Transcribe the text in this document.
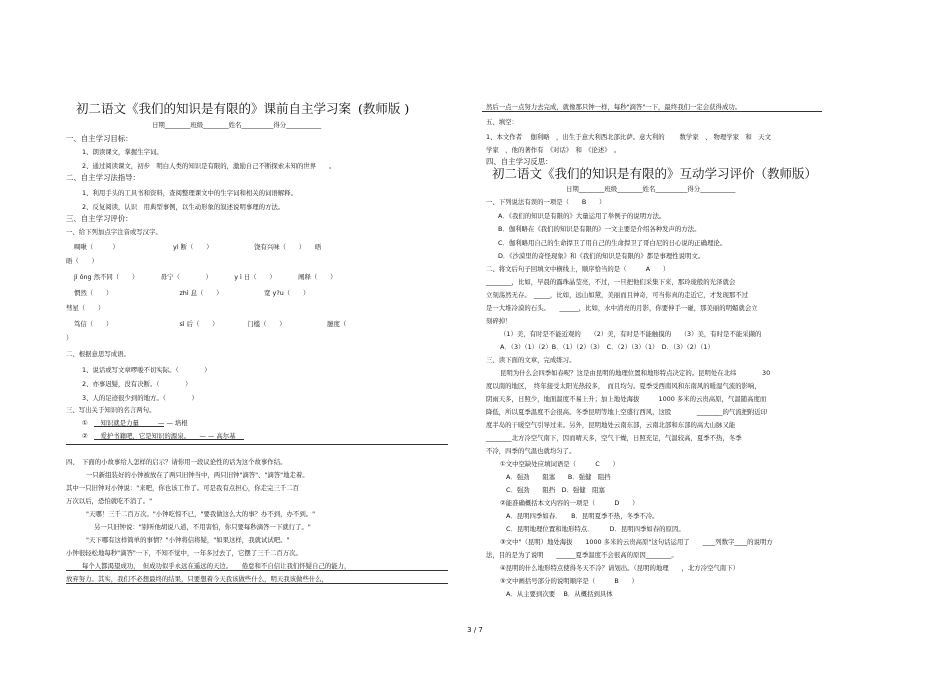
初二语文《我们的知识是有限的》课前自主学习案 (教师版 )
日期________班级________姓名__________得分___________
一、自主学习目标：
1、朗读课文，掌握生字词。
2、通过阅读课文，初步　明白人类的知识是有限的，激励自己不断探索未知的世界　　。
二、自主学习法指导：
1、利用手头的工具书和资料，查阅整理课文中的生字词和相关的词语解释。
2、反复阅读，认识　用典型事例，以生动形象的叙述说明事理的方法。
三、自主学习评价：
一、给下列加点字注音或写汉字。
啁啾（　　　）　　　　　　　　　yì 断（　　）　　　　　　　饶有兴味（　　）　　晤
晤（　　）
jì ǒng 然不同（　　）　　　　毋宁（　　　　）　　　　y ì 日（　　）　　　　阐释（　　）
惘然（　　）　　　　　　　　　　　zhì 息（　　）　　　　　　　宽 y?u（　　）
彗星（　　）
笃信（　　）　　　　　　　　　　　sì 后（　　）　　　　　门槛（　　）　　　　　　　臆度（　　
）
二、根据意思写成语。
1、说话或写文章啰唆不切实际。（　　　　）
2、亦事迟疑，没有决断。（　　　　）
3、人的足迹很少到的地方。（　　　　）
三、写出关于知识的名言两句。
①　　知识就是力量　　　— — 培根
②　　爱护书籍吧，它是知识的源泉。　　— — 高尔基
四、　下面的小故事给人怎样的启示？请你用一段议论性的话为这个故事作结。
一只新组装好的小钟被放在了两只旧钟当中，两只旧钟"滴答"、"滴答"地走着。
其中一只旧钟对小钟说："来吧，你也该工作了。可是我有点担心，你走完三千二百
万次以后，恐怕就吃不消了。"
"天哪！三千二百万次。"小钟吃惊不已，"要我做这么大的事？办不到，办不到。"
另一只旧钟说："别听他胡说八道，不用害怕，你只要每秒滴答一下就行了。"
"天下哪有这样简单的事情？"小钟将信将疑，"如果这样，我就试试吧。"
小钟很轻松地每秒"滴答"一下，不知不觉中，一年多过去了，它摆了三千二百万次。
每个人都渴望成功，　但成功似乎永远在遥远的天边。　　倦怠和不自信让我们怀疑自己的能力，
放弃努力。其实，我们不必想最终的结果，只要想着今天我该做些什么，明天我该做些什么，
然后一点一点努力去完成，就像那只钟一样，每秒"滴答"一下，最终我们一定会获得成功。
五、填空：
1、本文作者　 伽利略　，出生于意大利西北部比萨。意大利的　　 数学家　、 物理学家　和　天文
学家　，他的著作有　《对话》　和　《论述》　。
四、自主学习反思：
初二语文《我们的知识是有限的》互动学习评价（教师版）
日期________班级________姓名__________得分___________
一、下列说法有误的一项是（　　B　　）
A．《我们的知识是有限的》大量运用了举例子的说明方法。
B．伽利略在《我们的知识是有限的》一文主要是介绍各种发声的方法。
C．伽利略用自己的生命捍卫了用自己的生命捍卫了哥白尼的日心说的正确理论。
D．《沙漠里的奇怪现象》和《我们的知识是有限的》都是事理性说明文。
二、将文后句子回填文中横线上，顺序恰当的是（　　　A　　）
________，比如，早晨的露珠晶莹亮，不过，一旦把他们采集下来，那玲珑般的光泽就会
立刻荡然无存。　_____，比如，远山如黛，美丽而且神奇，可当你真的走近它，才发现那不过
是一大堆冷漠的石头。　　______，比如，水中清亮的月影，你要伸手一碰，那美丽的明媚就会立
刻碎掉！
（1）美，有时是不能近观的　　（2）美，有时是不能触摸的　　（3）美，有时是不能采撷的
A．（3）（1）（2）B．（1）（2）（3）　C．（2）（3）（1）　D．（3）（2）（1）
三、读下面的文章，完成练习。
昆明为什么会四季如春呢？这是由昆明的地理位置和地形特点决定的。昆明处在北纬　　　　30
度以南的地区，　终年接受太阳光热较多，　而且均匀。夏季受西南风和东南风的暖湿气流的影响，
阴雨天多，日照少，地面温度不易上升；加上地处海拔　　　1000 多米的云贵高原，气温随高度而
降低，所以夏季温度不会很高。冬季昆明等地上空盛行西风，这股　　　　________的气流把附近印
度半岛的干暖空气引导过来。另外，昆明地处云南东部，云南北部和东部的高大山脉又能
________北方冷空气南下，因而晴天多，空气干燥，日照充足，气温较高，夏季不热，冬季
不冷，四季的气温也就均匀了。
①文中空缺处应填词语是（　　　C　　）
A．强劲　　阻塞　　B．强健　阻挡
C．强劲　　阻挡　D．强健　阻塞
②能准确概括本文内容的一项是（　　　D　　）
A．昆明四季如春．　　B．昆明夏季不热，冬季不冷。
C．昆明地理位置和地形特点．　　　D．昆明四季如春的原因。
③文中"（昆明）地处海拔　　1000 多米的云贵高原"这句话运用了　　____列数字____的说明方
法，目的是为了说明　　______夏季温度不会很高的原因________。
④昆明的什么地形特点使得冬天不冷？请划出。（昆明的地理　　，北方冷空气南下）
⑤文中画括号部分的说明顺序是（　　　B　　）
A．从主要到次要　 B．从概括到具体
3 / 7
